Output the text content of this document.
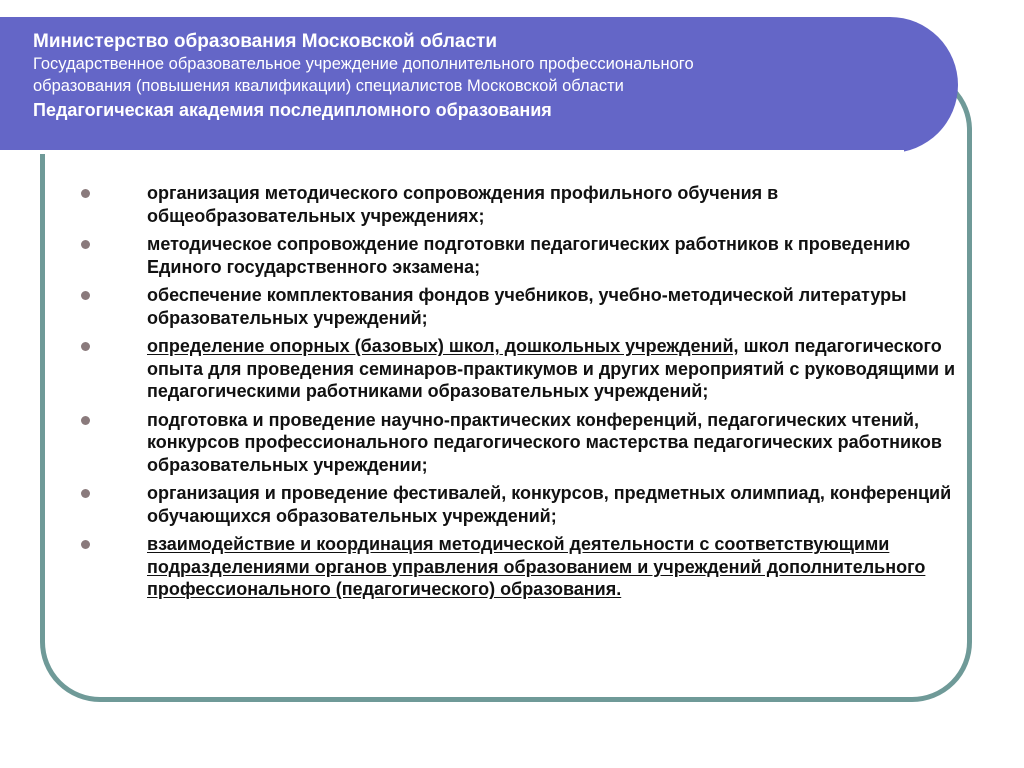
Министерство образования Московской области

Государственное образовательное учреждение дополнительного профессионального

образования (повышения квалификации) специалистов Московской области

Педагогическая академия последипломного образования

организация методического сопровождения профильного обучения в общеобразовательных учреждениях;
методическое сопровождение подготовки педагогических работников к проведению Единого государственного экзамена;
обеспечение комплектования фондов учебников, учебно-методической литературы образовательных учреждений;
определение опорных (базовых) школ, дошкольных учреждений, школ педагогического опыта для проведения семинаров-практикумов и других мероприятий с руководящими и педагогическими работниками образовательных учреждений;
подготовка и проведение научно-практических конференций, педагогических чтений, конкурсов профессионального педагогического мастерства педагогических работников образовательных учреждении;
организация и проведение фестивалей, конкурсов, предметных олимпиад, конференций обучающихся образовательных учреждений;
взаимодействие и координация методической деятельности с соответствующими подразделениями органов управления образованием и учреждений дополнительного профессионального (педагогического) образования.
